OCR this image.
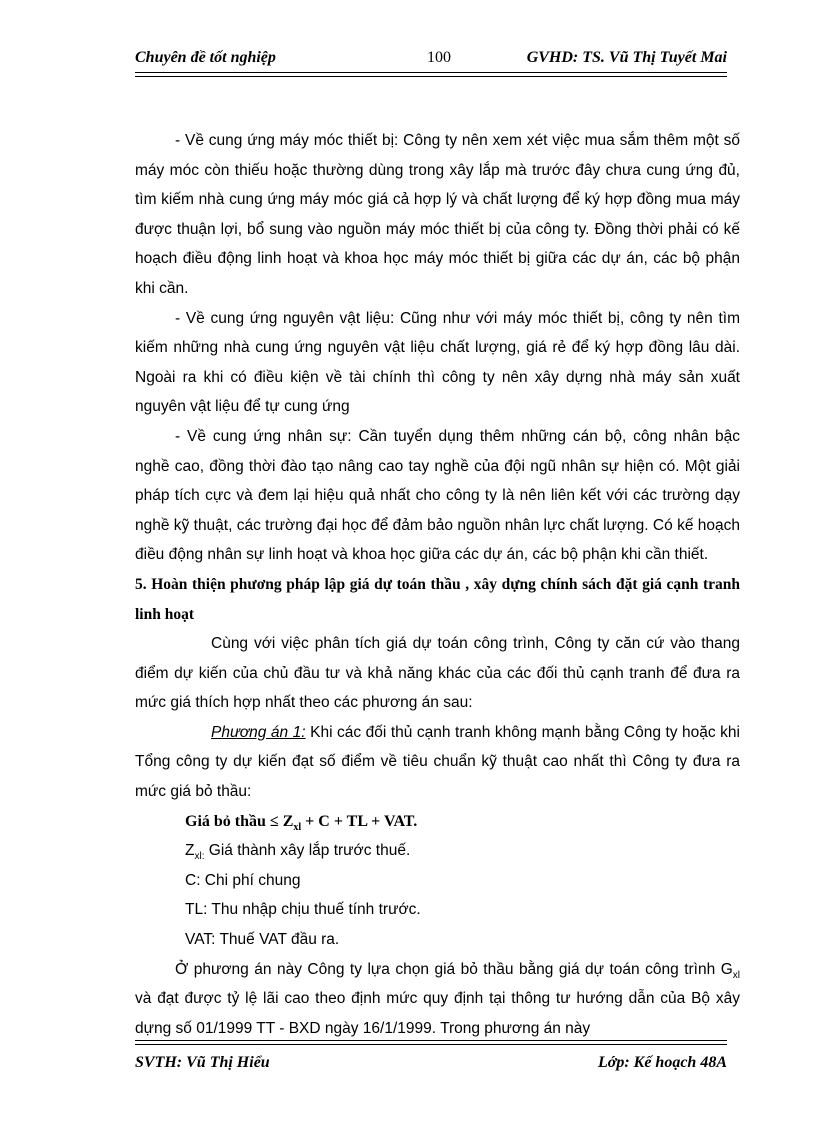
Chuyên đề tốt nghiệp	100	GVHD: TS. Vũ Thị Tuyết Mai

- Về cung ứng máy móc thiết bị: Công ty nên xem xét việc mua sắm thêm một số máy móc còn thiếu hoặc thường dùng trong xây lắp mà trước đây chưa cung ứng đủ, tìm kiếm nhà cung ứng máy móc giá cả hợp lý và chất lượng để ký hợp đồng mua máy được thuận lợi, bổ sung vào nguồn máy móc thiết bị của công ty. Đồng thời phải có kế hoạch điều động linh hoạt và khoa học máy móc thiết bị giữa các dự án, các bộ phận khi cần.

- Về cung ứng nguyên vật liệu: Cũng như với máy móc thiết bị, công ty nên tìm kiếm những nhà cung ứng nguyên vật liệu chất lượng, giá rẻ để ký hợp đồng lâu dài. Ngoài ra khi có điều kiện về tài chính thì công ty nên xây dựng nhà máy sản xuất nguyên vật liệu để tự cung ứng

- Về cung ứng nhân sự: Cần tuyển dụng thêm những cán bộ, công nhân bậc nghề cao, đồng thời đào tạo nâng cao tay nghề của đội ngũ nhân sự hiện có. Một giải pháp tích cực và đem lại hiệu quả nhất cho công ty là nên liên kết với các trường dạy nghề kỹ thuật, các trường đại học để đảm bảo nguồn nhân lực chất lượng. Có kế hoạch điều động nhân sự linh hoạt và khoa học giữa các dự án, các bộ phận khi cần thiết.

5. Hoàn thiện phương pháp lập giá dự toán thầu , xây dựng chính sách đặt giá cạnh tranh linh hoạt

Cùng với việc phân tích giá dự toán công trình, Công ty căn cứ vào thang điểm dự kiến của chủ đầu tư và khả năng khác của các đối thủ cạnh tranh để đưa ra mức giá thích hợp nhất theo các phương án sau:

Phương án 1: Khi các đối thủ cạnh tranh không mạnh bằng Công ty hoặc khi Tổng công ty dự kiến đạt số điểm về tiêu chuẩn kỹ thuật cao nhất thì Công ty đưa ra mức giá bỏ thầu:

Giá bỏ thầu ≤ $Z_{xl} + C$ + TL + VAT.

$Z_{xl:}$ Giá thành xây lắp trước thuế.

C: Chi phí chung

TL: Thu nhập chịu thuế tính trước.

VAT: Thuế VAT đầu ra.

Ở phương án này Công ty lựa chọn giá bỏ thầu bằng giá dự toán công trình $G_{xl}$ và đạt được tỷ lệ lãi cao theo định mức quy định tại thông tư hướng dẫn của Bộ xây dựng số 01/1999 TT - BXD ngày 16/1/1999. Trong phương án này

SVTH: Vũ Thị Hiểu	Lớp: Kế hoạch 48A
